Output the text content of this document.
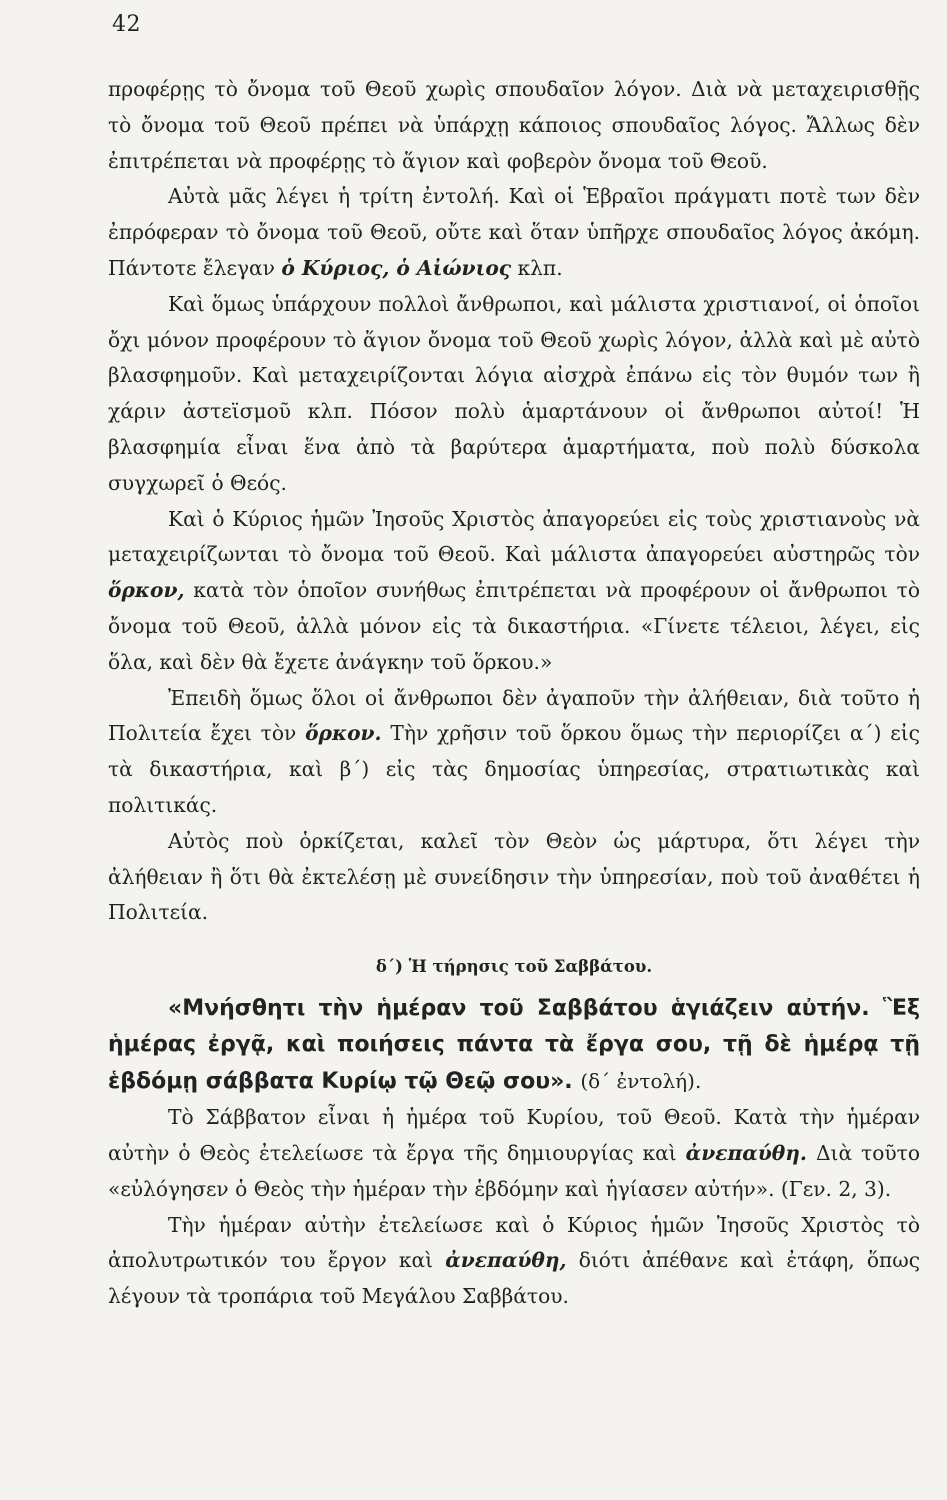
42

προφέρῃς τὸ ὄνομα τοῦ Θεοῦ χωρὶς σπουδαῖον λόγον. Διὰ νὰ μεταχειρισθῇς τὸ ὄνομα τοῦ Θεοῦ πρέπει νὰ ὑπάρχῃ κάποιος σπουδαῖος λόγος. Ἄλλως δὲν ἐπιτρέπεται νὰ προφέρῃς τὸ ἅγιον καὶ φοβερὸν ὄνομα τοῦ Θεοῦ.

Αὐτὰ μᾶς λέγει ἡ τρίτη ἐντολή. Καὶ οἱ Ἑβραῖοι πράγματι ποτὲ των δὲν ἐπρόφεραν τὸ ὄνομα τοῦ Θεοῦ, οὔτε καὶ ὅταν ὑπῆρχε σπουδαῖος λόγος ἀκόμη. Πάντοτε ἔλεγαν ὁ Κύριος, ὁ Αἰώνιος κλπ.

Καὶ ὅμως ὑπάρχουν πολλοὶ ἄνθρωποι, καὶ μάλιστα χριστιανοί, οἱ ὁποῖοι ὄχι μόνον προφέρουν τὸ ἅγιον ὄνομα τοῦ Θεοῦ χωρὶς λόγον, ἀλλὰ καὶ μὲ αὐτὸ βλασφημοῦν. Καὶ μεταχειρίζονται λόγια αἰσχρὰ ἐπάνω εἰς τὸν θυμόν των ἢ χάριν ἀστεϊσμοῦ κλπ. Πόσον πολὺ ἁμαρτάνουν οἱ ἄνθρωποι αὐτοί! Ἡ βλασφημία εἶναι ἕνα ἀπὸ τὰ βαρύτερα ἁμαρτήματα, ποὺ πολὺ δύσκολα συγχωρεῖ ὁ Θεός.

Καὶ ὁ Κύριος ἡμῶν Ἰησοῦς Χριστὸς ἀπαγορεύει εἰς τοὺς χριστιανοὺς νὰ μεταχειρίζωνται τὸ ὄνομα τοῦ Θεοῦ. Καὶ μάλιστα ἀπαγορεύει αὐστηρῶς τὸν ὅρκον, κατὰ τὸν ὁποῖον συνήθως ἐπιτρέπεται νὰ προφέρουν οἱ ἄνθρωποι τὸ ὄνομα τοῦ Θεοῦ, ἀλλὰ μόνον εἰς τὰ δικαστήρια. «Γίνετε τέλειοι, λέγει, εἰς ὅλα, καὶ δὲν θὰ ἔχετε ἀνάγκην τοῦ ὅρκου.»

Ἐπειδὴ ὅμως ὅλοι οἱ ἄνθρωποι δὲν ἀγαποῦν τὴν ἀλήθειαν, διὰ τοῦτο ἡ Πολιτεία ἔχει τὸν ὅρκον. Τὴν χρῆσιν τοῦ ὅρκου ὅμως τὴν περιορίζει α΄) εἰς τὰ δικαστήρια, καὶ β΄) εἰς τὰς δημοσίας ὑπηρεσίας, στρατιωτικὰς καὶ πολιτικάς.

Αὐτὸς ποὺ ὁρκίζεται, καλεῖ τὸν Θεὸν ὡς μάρτυρα, ὅτι λέγει τὴν ἀλήθειαν ἢ ὅτι θὰ ἐκτελέσῃ μὲ συνείδησιν τὴν ὑπηρεσίαν, ποὺ τοῦ ἀναθέτει ἡ Πολιτεία.

δ΄) Ἡ τήρησις τοῦ Σαββάτου.

«Μνήσθητι τὴν ἡμέραν τοῦ Σαββάτου ἁγιάζειν αὐτήν. Ἓξ ἡμέρας ἐργᾷ, καὶ ποιήσεις πάντα τὰ ἔργα σου, τῇ δὲ ἡμέρᾳ τῇ ἑβδόμῃ σάββατα Κυρίῳ τῷ Θεῷ σου». (δ΄ ἐντολή).

Τὸ Σάββατον εἶναι ἡ ἡμέρα τοῦ Κυρίου, τοῦ Θεοῦ. Κατὰ τὴν ἡμέραν αὐτὴν ὁ Θεὸς ἐτελείωσε τὰ ἔργα τῆς δημιουργίας καὶ ἀνεπαύθη. Διὰ τοῦτο «εὐλόγησεν ὁ Θεὸς τὴν ἡμέραν τὴν ἑβδόμην καὶ ἡγίασεν αὐτήν». (Γεν. 2, 3).

Τὴν ἡμέραν αὐτὴν ἐτελείωσε καὶ ὁ Κύριος ἡμῶν Ἰησοῦς Χριστὸς τὸ ἀπολυτρωτικόν του ἔργον καὶ ἀνεπαύθη, διότι ἀπέθανε καὶ ἐτάφη, ὅπως λέγουν τὰ τροπάρια τοῦ Μεγάλου Σαββάτου.
